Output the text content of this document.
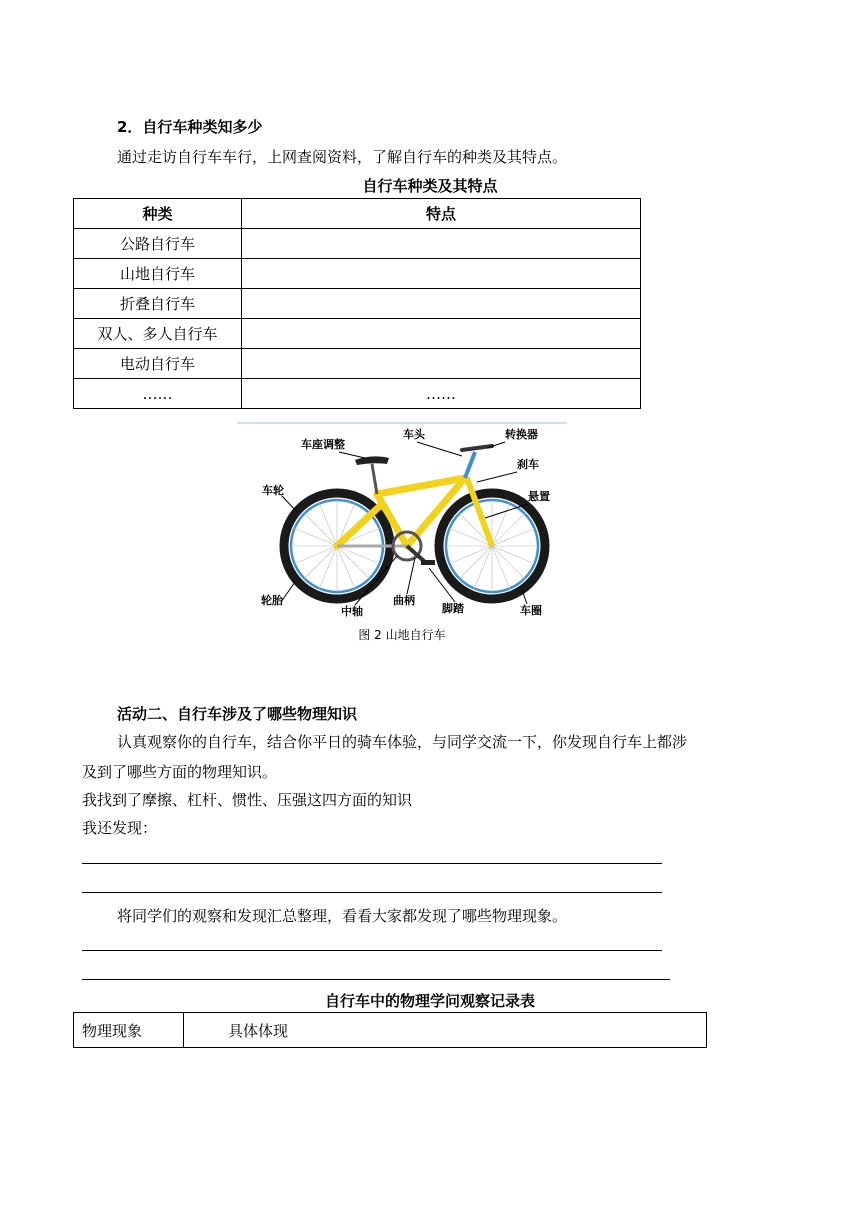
2．自行车种类知多少
通过走访自行车车行，上网查阅资料，了解自行车的种类及其特点。
自行车种类及其特点
种类	特点
公路自行车	
山地自行车	
折叠自行车	
双人、多人自行车	
电动自行车	
……	……
车座调整
车头	转换器
刹车
车轮	悬置
轮胎
中轴
曲柄
脚踏	车圈
图 2 山地自行车
活动二、自行车涉及了哪些物理知识
认真观察你的自行车，结合你平日的骑车体验，与同学交流一下，你发现自行车上都涉
及到了哪些方面的物理知识。
我找到了摩擦、杠杆、惯性、压强这四方面的知识
我还发现：
将同学们的观察和发现汇总整理，看看大家都发现了哪些物理现象。
自行车中的物理学问观察记录表
物理现象	具体体现
